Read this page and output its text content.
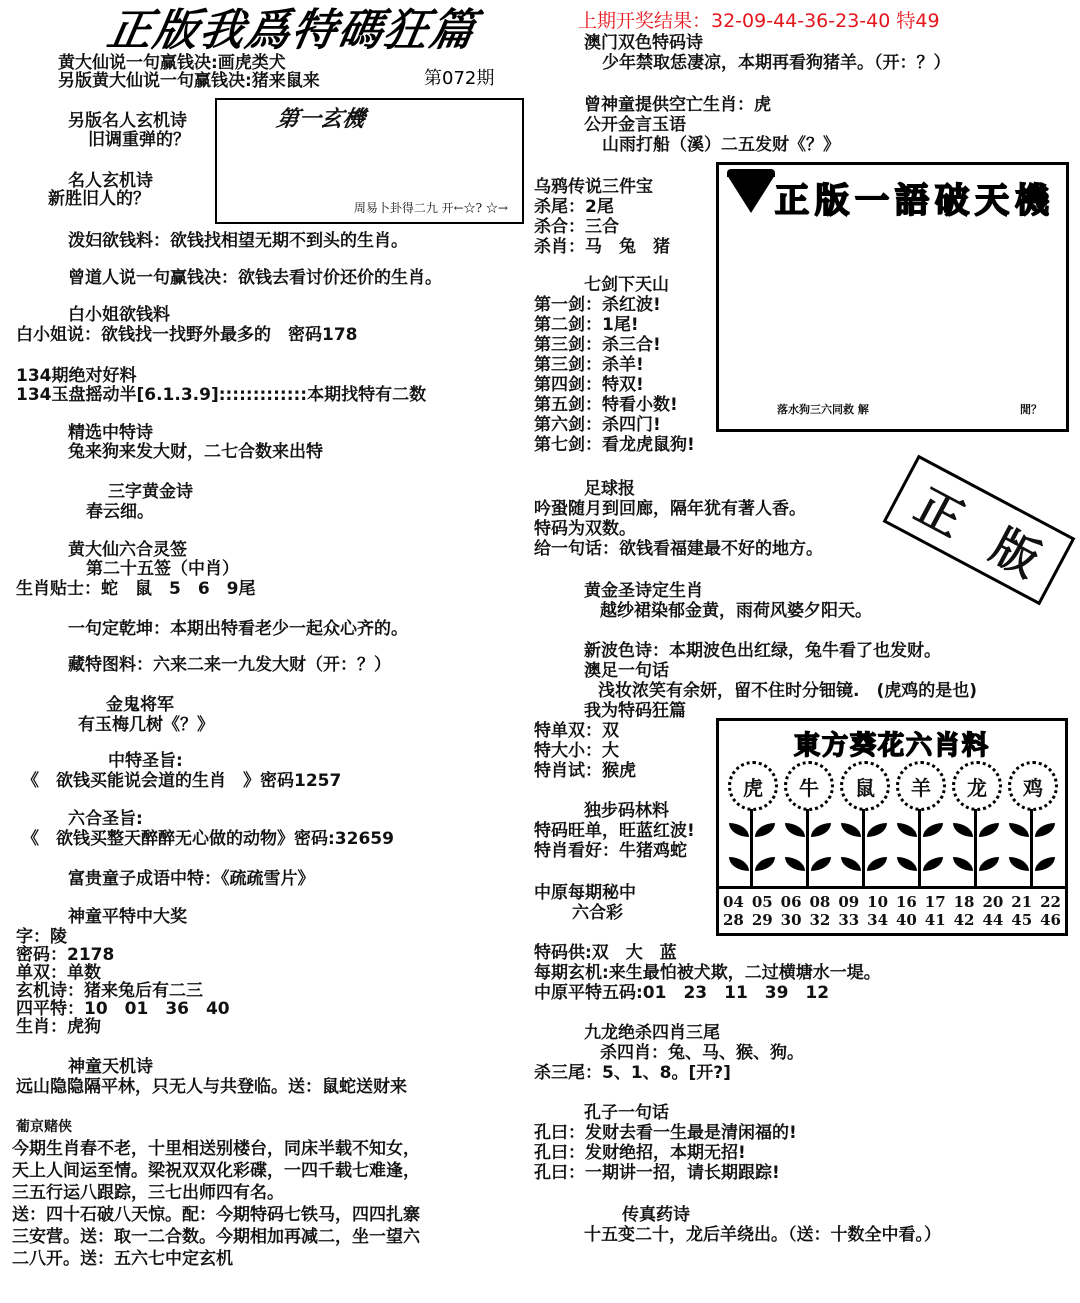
正版我爲特碼狂篇
第072期
上期开奖结果：32-09-44-36-23-40 特49
黄大仙说一句赢钱决:画虎类犬
另版黄大仙说一句赢钱决:猪来鼠来
另版名人玄机诗
旧调重弹的？
名人玄机诗
新胜旧人的？
第一玄機
周易卜卦得二九 开←☆? ☆→
泼妇欲钱料：欲钱找相望无期不到头的生肖。
曾道人说一句赢钱决：欲钱去看讨价还价的生肖。
白小姐欲钱料
白小姐说：欲钱找一找野外最多的　密码178
134期绝对好料
134玉盘摇动半[6.1.3.9]:::::::::::::本期找特有二数
精选中特诗
兔来狗来发大财，二七合数来出特
三字黄金诗
春云细。
黄大仙六合灵签
第二十五签（中肖）
生肖贴士：蛇　鼠　5　6　9尾
一句定乾坤：本期出特看老少一起众心齐的。
藏特图料：六来二来一九发大财（开：？）
金鬼将军
有玉梅几树《？》
中特圣旨:
《　欲钱买能说会道的生肖　》密码1257
六合圣旨:
《　欲钱买整天醉醉无心做的动物》密码:32659
富贵童子成语中特：《疏疏雪片》
神童平特中大奖
字：陵
密码：2178
单双：单数
玄机诗：猪来兔后有二三
四平特：10　01　36　40
生肖：虎狗
神童天机诗
远山隐隐隔平林，只无人与共登临。送：鼠蛇送财来
葡京赌侠
今期生肖春不老，十里相送别楼台，同床半载不知女，
天上人间运至情。梁祝双双化彩碟，一四千载七难逢，
三五行运八跟踪，三七出师四有名。
送：四十石破八天惊。配：今期特码七铁马，四四扎寨
三安营。送：取一二合数。今期相加再减二，坐一望六
二八开。送：五六七中定玄机
澳门双色特码诗
少年禁取恁凄凉，本期再看狗猪羊。（开：？）
曾神童提供空亡生肖：虎
公开金言玉语
山雨打船（溪）二五发财《？》
乌鸦传说三件宝
杀尾：2尾
杀合：三合
杀肖：马　兔　猪
七剑下天山
第一剑：杀红波!
第二剑：1尾!
第三剑：杀三合!
第三剑：杀羊!
第四剑：特双!
第五剑：特看小数!
第六剑：杀四门!
第七剑：看龙虎鼠狗!
正版一語破天機
落水狗三六同救 解	閒？
足球报
吟蛩随月到回廊，隔年犹有著人香。
特码为双数。
给一句话：欲钱看福建最不好的地方。
正
版
黄金圣诗定生肖
越纱裙染郁金黄，雨荷风婆夕阳天。
新波色诗：本期波色出红绿，兔牛看了也发财。
澳足一句话
浅妆浓笑有余妍，留不住时分钿镜.　(虎鸡的是也)
我为特码狂篇
特单双：双
特大小：大
特肖试：猴虎
独步码林料
特码旺单，旺蓝红波!
特肖看好：牛猪鸡蛇
中原每期秘中
六合彩
特码供:双　大　蓝
每期玄机:来生最怕被犬欺，二过横塘水一堤。
中原平特五码:01　23　11　39　12
九龙绝杀四肖三尾
杀四肖：兔、马、猴、狗。
杀三尾：5、1、8。[开?]
孔子一句话
孔曰：发财去看一生最是清闲福的!
孔曰：发财绝招，本期无招!
孔曰：一期讲一招，请长期跟踪!
传真药诗
十五变二十，龙后羊绕出。（送：十数全中看。）
東方葵花六肖料
虎	牛	鼠	羊	龙	鸡
04 05 06 08 09 10 16 17 18 20 21 22
28 29 30 32 33 34 40 41 42 44 45 46
